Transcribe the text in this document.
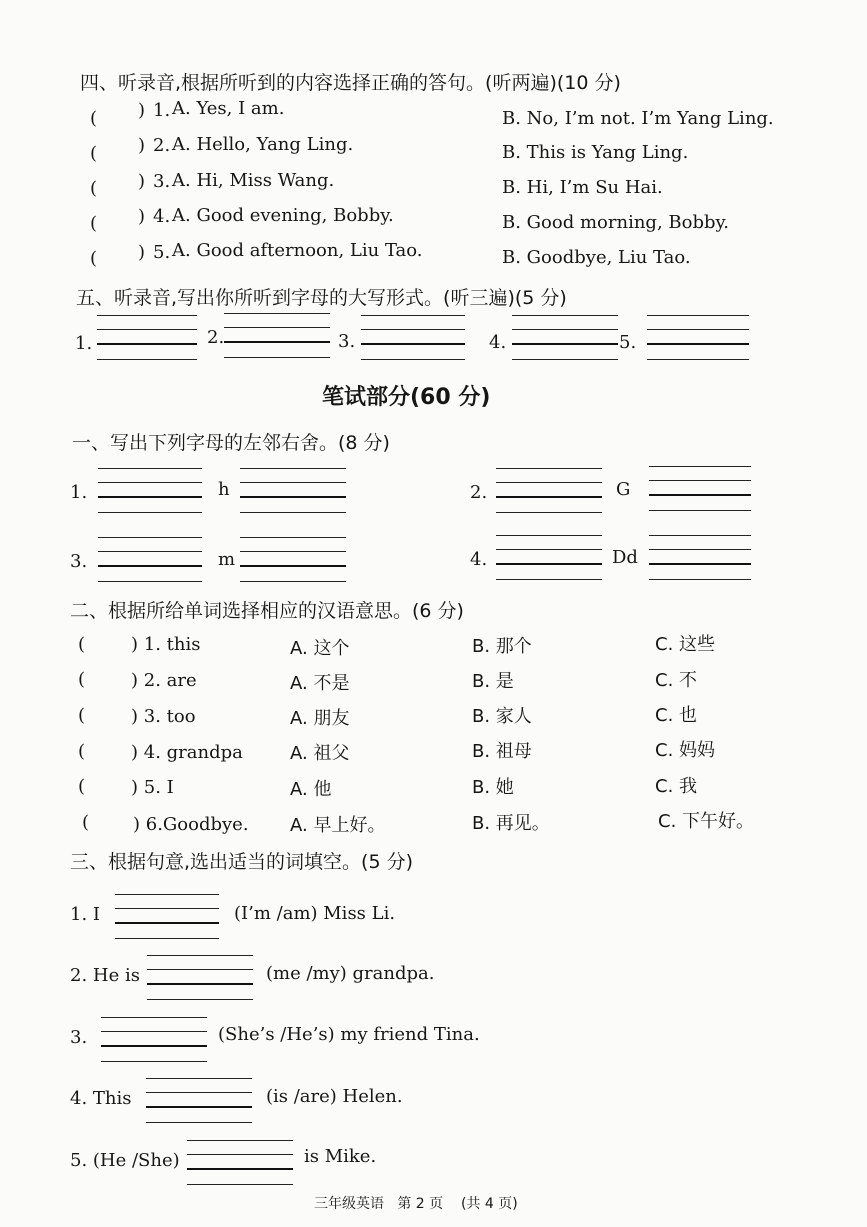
四、听录音,根据所听到的内容选择正确的答句。(听两遍)(10 分)
( ) 1. A. Yes, I am.	B. No, I’m not. I’m Yang Ling.
( ) 2. A. Hello, Yang Ling.	B. This is Yang Ling.
( ) 3. A. Hi, Miss Wang.	B. Hi, I’m Su Hai.
( ) 4. A. Good evening, Bobby.	B. Good morning, Bobby.
( ) 5. A. Good afternoon, Liu Tao.	B. Goodbye, Liu Tao.
五、听录音,写出你所听到字母的大写形式。(听三遍)(5 分)
1.	2.	3.	4.	5.
笔试部分(60 分)
一、写出下列字母的左邻右舍。(8 分)
1.	h	2.	G
3.	m	4.	Dd
二、根据所给单词选择相应的汉语意思。(6 分)
(	) 1. this	A. 这个	B. 那个	C. 这些
(	) 2. are	A. 不是	B. 是	C. 不
(	) 3. too	A. 朋友	B. 家人	C. 也
(	) 4. grandpa	A. 祖父	B. 祖母	C. 妈妈
(	) 5. I	A. 他	B. 她	C. 我
( ) 6.Goodbye. A. 早上好。	B. 再见。	C. 下午好。
三、根据句意,选出适当的词填空。(5 分)
1. I	(I’m /am) Miss Li.
2. He is	(me /my) grandpa.
3.	(She’s /He’s) my friend Tina.
4. This	(is /are) Helen.
5. (He /She)	is Mike.
三年级英语   第 2 页    (共 4 页)
